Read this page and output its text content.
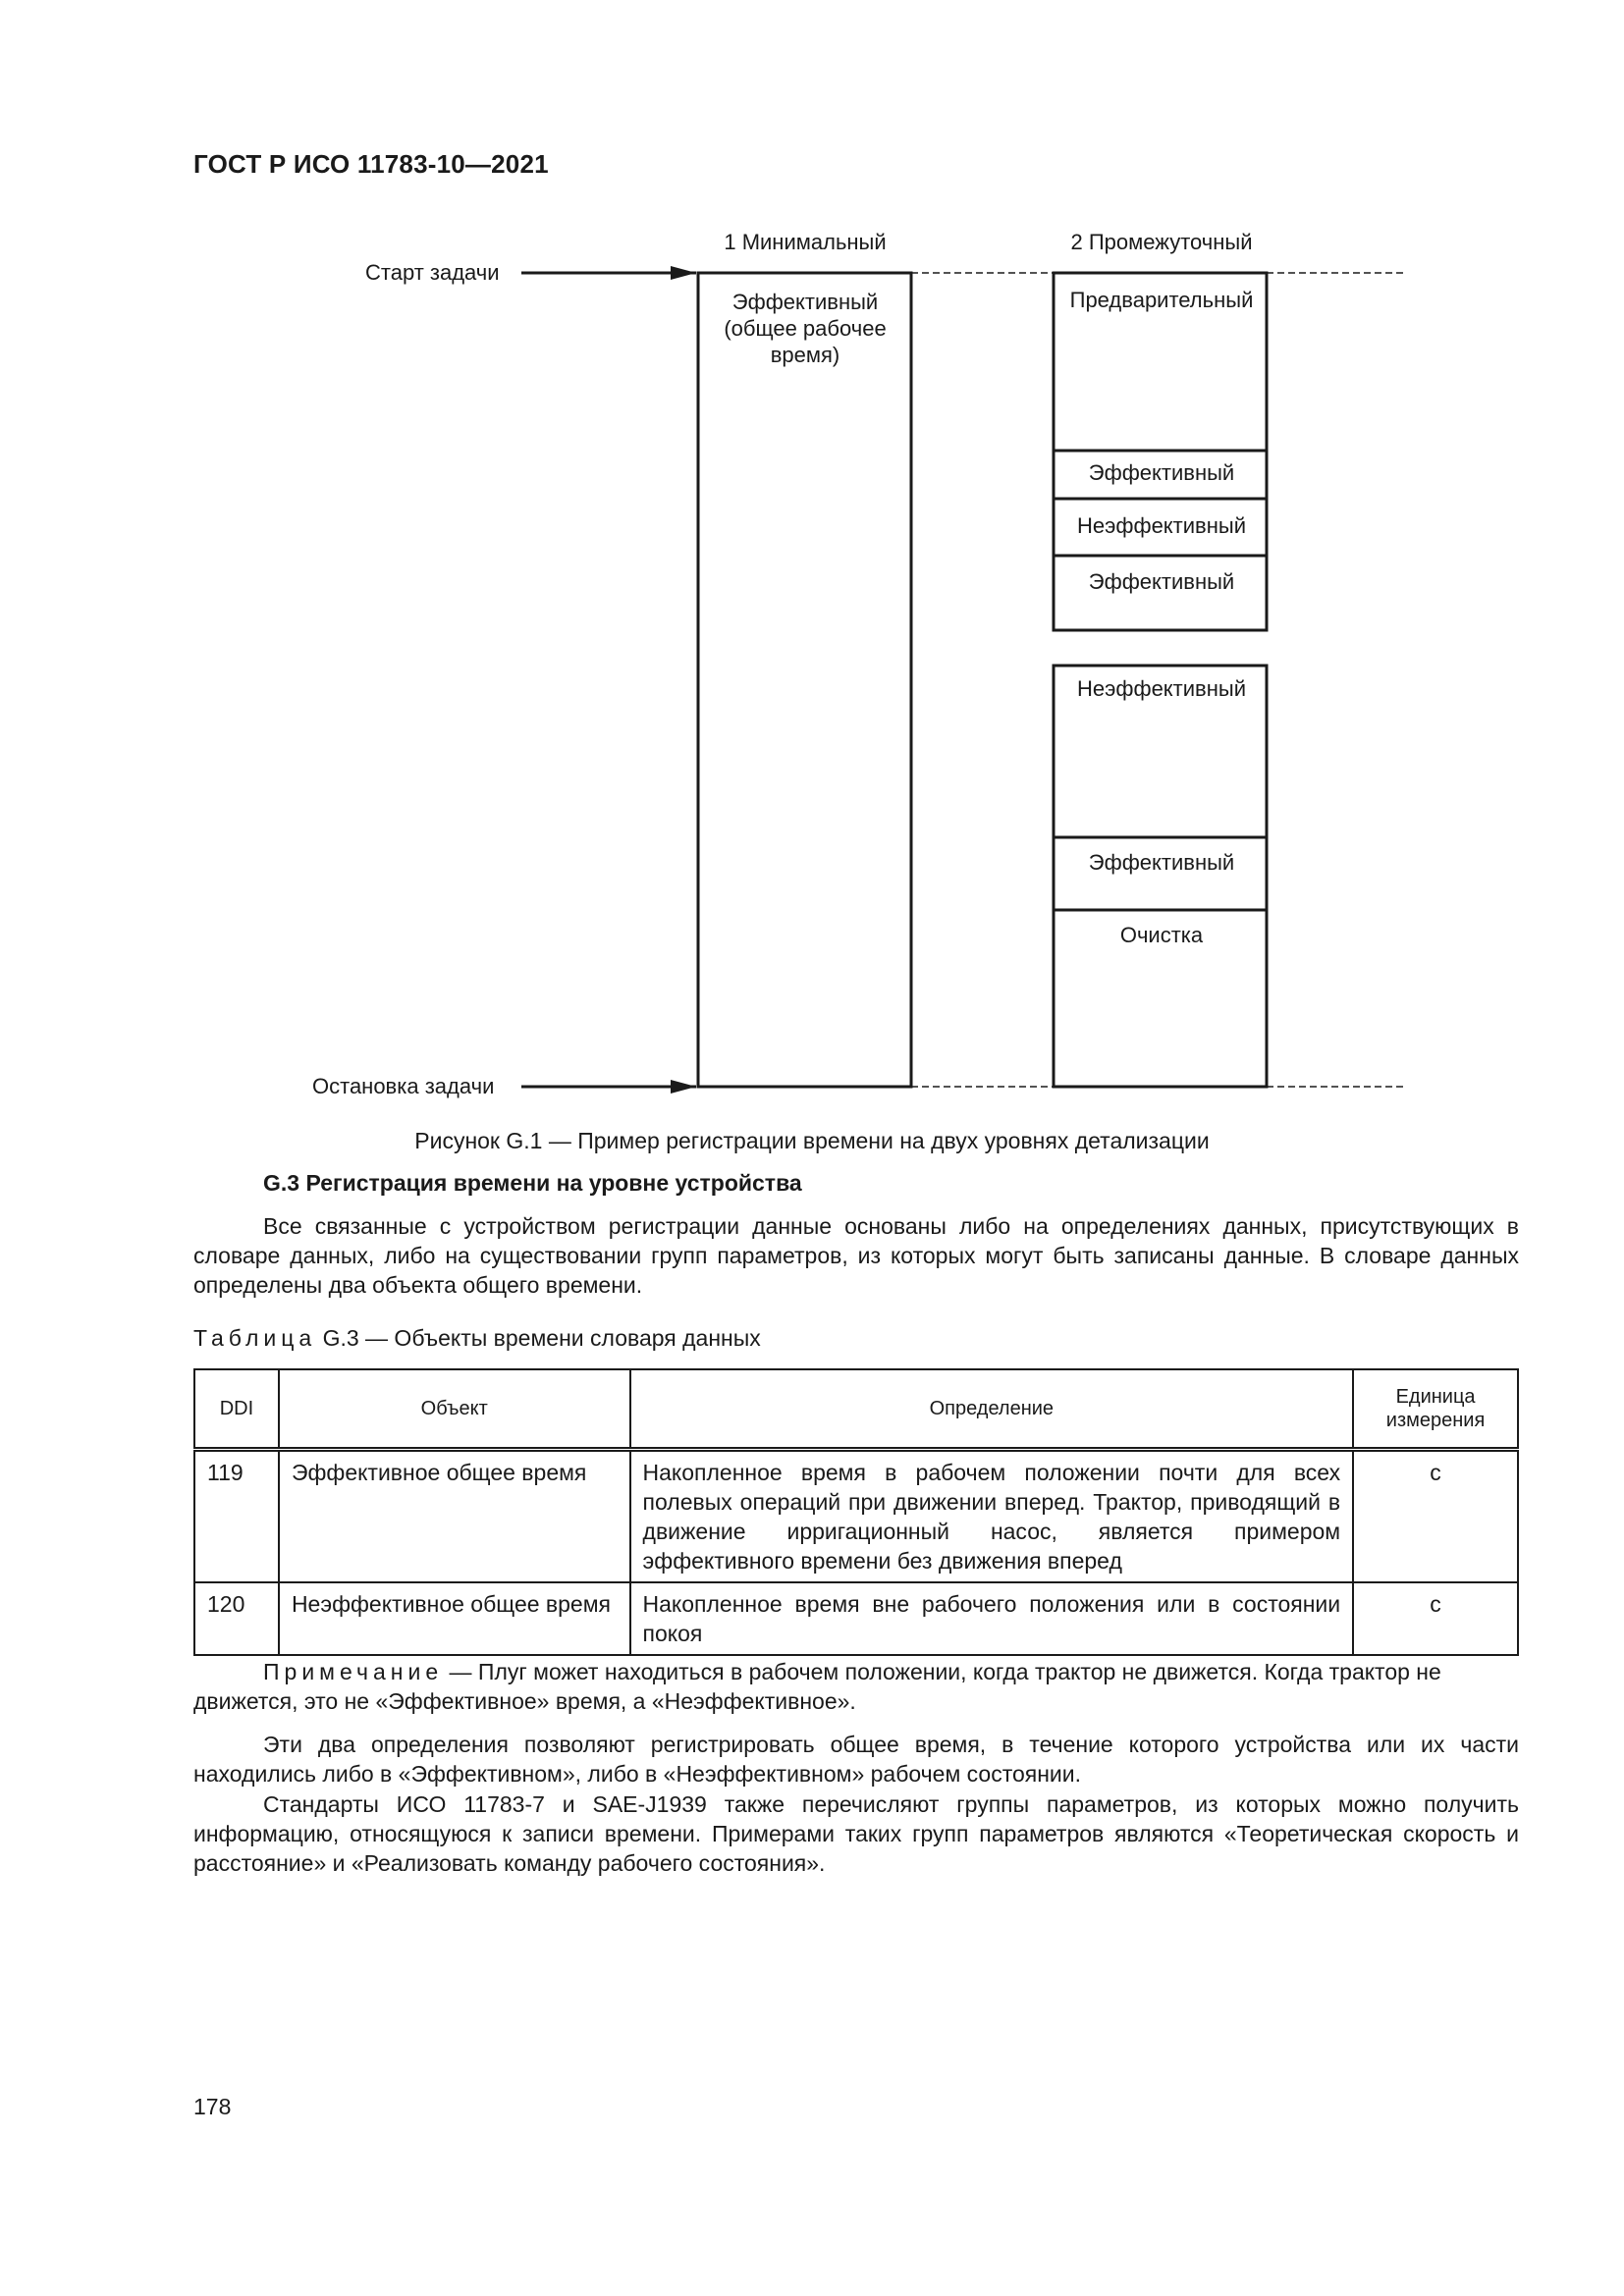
ГОСТ Р ИСО 11783-10—2021
1 Минимальный	2 Промежуточный
Старт задачи
Остановка задачи
Эффективный
(общее рабочее
время)
Предварительный
Эффективный
Неэффективный
Эффективный
Неэффективный
Эффективный
Очистка
Рисунок G.1 — Пример регистрации времени на двух уровнях детализации
G.3 Регистрация времени на уровне устройства
Все связанные с устройством регистрации данные основаны либо на определениях данных, присутствующих в словаре данных, либо на существовании групп параметров, из которых могут быть записаны данные. В словаре данных определены два объекта общего времени.
Таблица G.3 — Объекты времени словаря данных
DDI	Объект	Определение	Единица измерения
119	Эффективное общее время	Накопленное время в рабочем положении почти для всех полевых операций при движении вперед. Трактор, приводящий в движение ирригационный насос, является примером эффективного времени без движения вперед	с
120	Неэффективное общее время	Накопленное время вне рабочего положения или в состоянии покоя	с
Примечание — Плуг может находиться в рабочем положении, когда трактор не движется. Когда трактор не движется, это не «Эффективное» время, а «Неэффективное».
Эти два определения позволяют регистрировать общее время, в течение которого устройства или их части находились либо в «Эффективном», либо в «Неэффективном» рабочем состоянии.
Стандарты ИСО 11783-7 и SAE-J1939 также перечисляют группы параметров, из которых можно получить информацию, относящуюся к записи времени. Примерами таких групп параметров являются «Теоретическая скорость и расстояние» и «Реализовать команду рабочего состояния».
178
